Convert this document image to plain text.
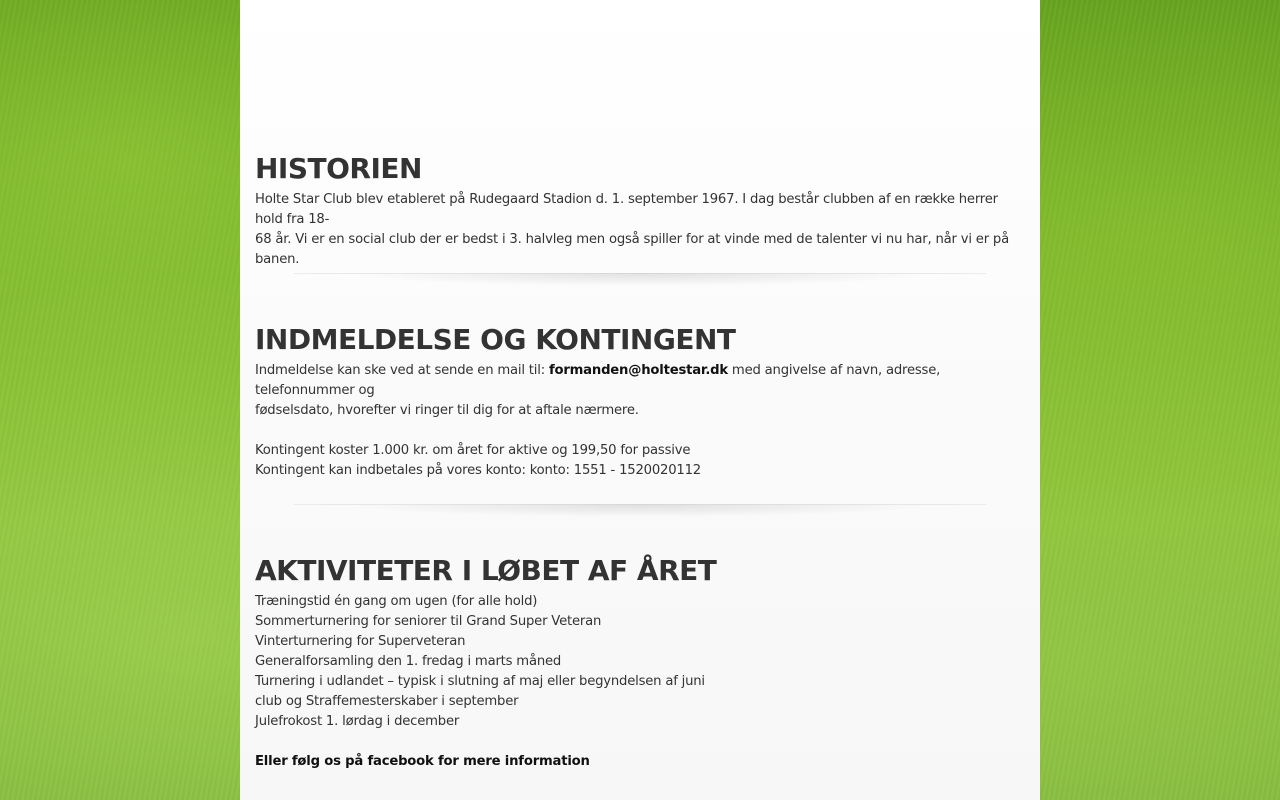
HISTORIEN

Holte Star Club blev etableret på Rudegaard Stadion d. 1. september 1967. I dag består clubben af en række herrer hold fra 18-

68 år. Vi er en social club der er bedst i 3. halvleg men også spiller for at vinde med de talenter vi nu har, når vi er på banen.

INDMELDELSE OG KONTINGENT

Indmeldelse kan ske ved at sende en mail til: formanden@holtestar.dk med angivelse af navn, adresse, telefonnummer og

fødselsdato, hvorefter vi ringer til dig for at aftale nærmere.

Kontingent koster 1.000 kr. om året for aktive og 199,50 for passive

Kontingent kan indbetales på vores konto: konto: 1551 - 1520020112

AKTIVITETER I LØBET AF ÅRET

Træningstid én gang om ugen (for alle hold)

Sommerturnering for seniorer til Grand Super Veteran

Vinterturnering for Superveteran

Generalforsamling den 1. fredag i marts måned

Turnering i udlandet – typisk i slutning af maj eller begyndelsen af juni

club og Straffemesterskaber i september

Julefrokost 1. lørdag i december

Eller følg os på facebook for mere information
